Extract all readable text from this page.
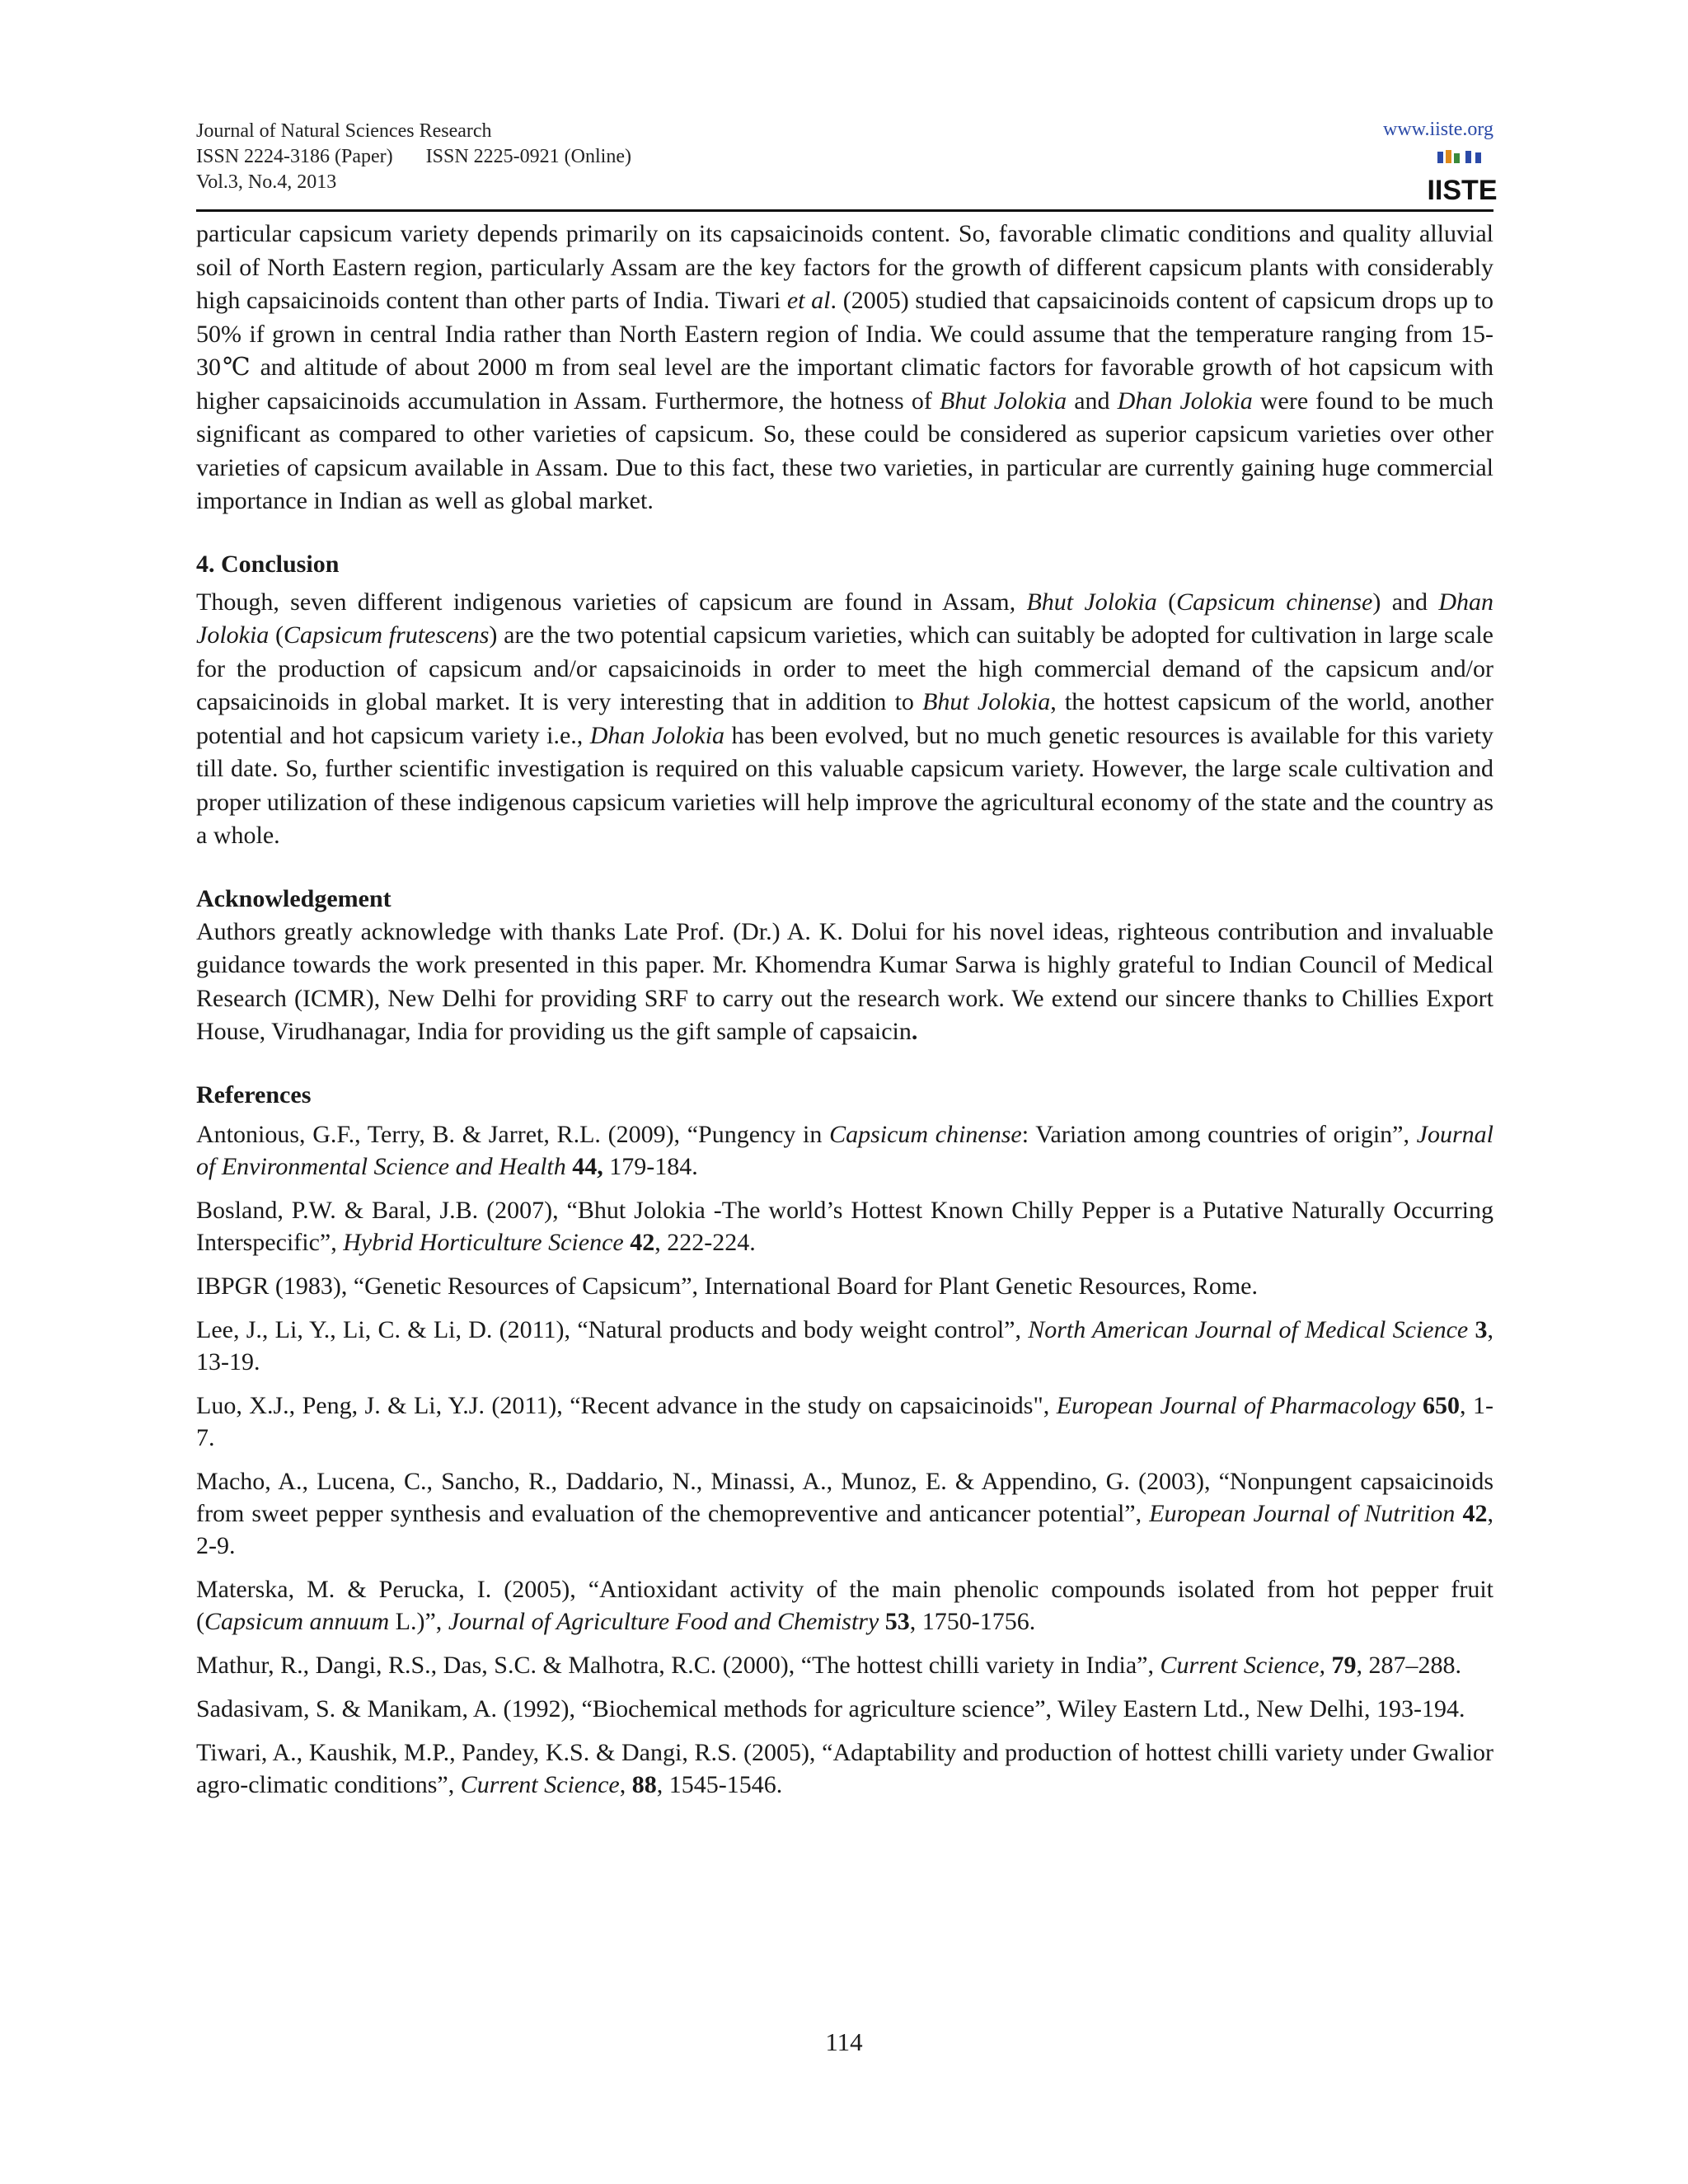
Journal of Natural Sciences Research
ISSN 2224-3186 (Paper) ISSN 2225-0921 (Online)
Vol.3, No.4, 2013
www.iiste.org
IISTE

particular capsicum variety depends primarily on its capsaicinoids content. So, favorable climatic conditions and quality alluvial soil of North Eastern region, particularly Assam are the key factors for the growth of different capsicum plants with considerably high capsaicinoids content than other parts of India. Tiwari et al. (2005) studied that capsaicinoids content of capsicum drops up to 50% if grown in central India rather than North Eastern region of India. We could assume that the temperature ranging from 15-30℃ and altitude of about 2000 m from seal level are the important climatic factors for favorable growth of hot capsicum with higher capsaicinoids accumulation in Assam. Furthermore, the hotness of Bhut Jolokia and Dhan Jolokia were found to be much significant as compared to other varieties of capsicum. So, these could be considered as superior capsicum varieties over other varieties of capsicum available in Assam. Due to this fact, these two varieties, in particular are currently gaining huge commercial importance in Indian as well as global market.

4. Conclusion

Though, seven different indigenous varieties of capsicum are found in Assam, Bhut Jolokia (Capsicum chinense) and Dhan Jolokia (Capsicum frutescens) are the two potential capsicum varieties, which can suitably be adopted for cultivation in large scale for the production of capsicum and/or capsaicinoids in order to meet the high commercial demand of the capsicum and/or capsaicinoids in global market. It is very interesting that in addition to Bhut Jolokia, the hottest capsicum of the world, another potential and hot capsicum variety i.e., Dhan Jolokia has been evolved, but no much genetic resources is available for this variety till date. So, further scientific investigation is required on this valuable capsicum variety. However, the large scale cultivation and proper utilization of these indigenous capsicum varieties will help improve the agricultural economy of the state and the country as a whole.

Acknowledgement

Authors greatly acknowledge with thanks Late Prof. (Dr.) A. K. Dolui for his novel ideas, righteous contribution and invaluable guidance towards the work presented in this paper. Mr. Khomendra Kumar Sarwa is highly grateful to Indian Council of Medical Research (ICMR), New Delhi for providing SRF to carry out the research work. We extend our sincere thanks to Chillies Export House, Virudhanagar, India for providing us the gift sample of capsaicin.

References

Antonious, G.F., Terry, B. & Jarret, R.L. (2009), “Pungency in Capsicum chinense: Variation among countries of origin”, Journal of Environmental Science and Health 44, 179-184.

Bosland, P.W. & Baral, J.B. (2007), “Bhut Jolokia -The world’s Hottest Known Chilly Pepper is a Putative Naturally Occurring Interspecific”, Hybrid Horticulture Science 42, 222-224.

IBPGR (1983), “Genetic Resources of Capsicum”, International Board for Plant Genetic Resources, Rome.

Lee, J., Li, Y., Li, C. & Li, D. (2011), “Natural products and body weight control”, North American Journal of Medical Science 3, 13-19.

Luo, X.J., Peng, J. & Li, Y.J. (2011), “Recent advance in the study on capsaicinoids", European Journal of Pharmacology 650, 1-7.

Macho, A., Lucena, C., Sancho, R., Daddario, N., Minassi, A., Munoz, E. & Appendino, G. (2003), “Nonpungent capsaicinoids from sweet pepper synthesis and evaluation of the chemopreventive and anticancer potential”, European Journal of Nutrition 42, 2-9.

Materska, M. & Perucka, I. (2005), “Antioxidant activity of the main phenolic compounds isolated from hot pepper fruit (Capsicum annuum L.)”, Journal of Agriculture Food and Chemistry 53, 1750-1756.

Mathur, R., Dangi, R.S., Das, S.C. & Malhotra, R.C. (2000), “The hottest chilli variety in India”, Current Science, 79, 287–288.

Sadasivam, S. & Manikam, A. (1992), “Biochemical methods for agriculture science”, Wiley Eastern Ltd., New Delhi, 193-194.

Tiwari, A., Kaushik, M.P., Pandey, K.S. & Dangi, R.S. (2005), “Adaptability and production of hottest chilli variety under Gwalior agro-climatic conditions”, Current Science, 88, 1545-1546.

114
